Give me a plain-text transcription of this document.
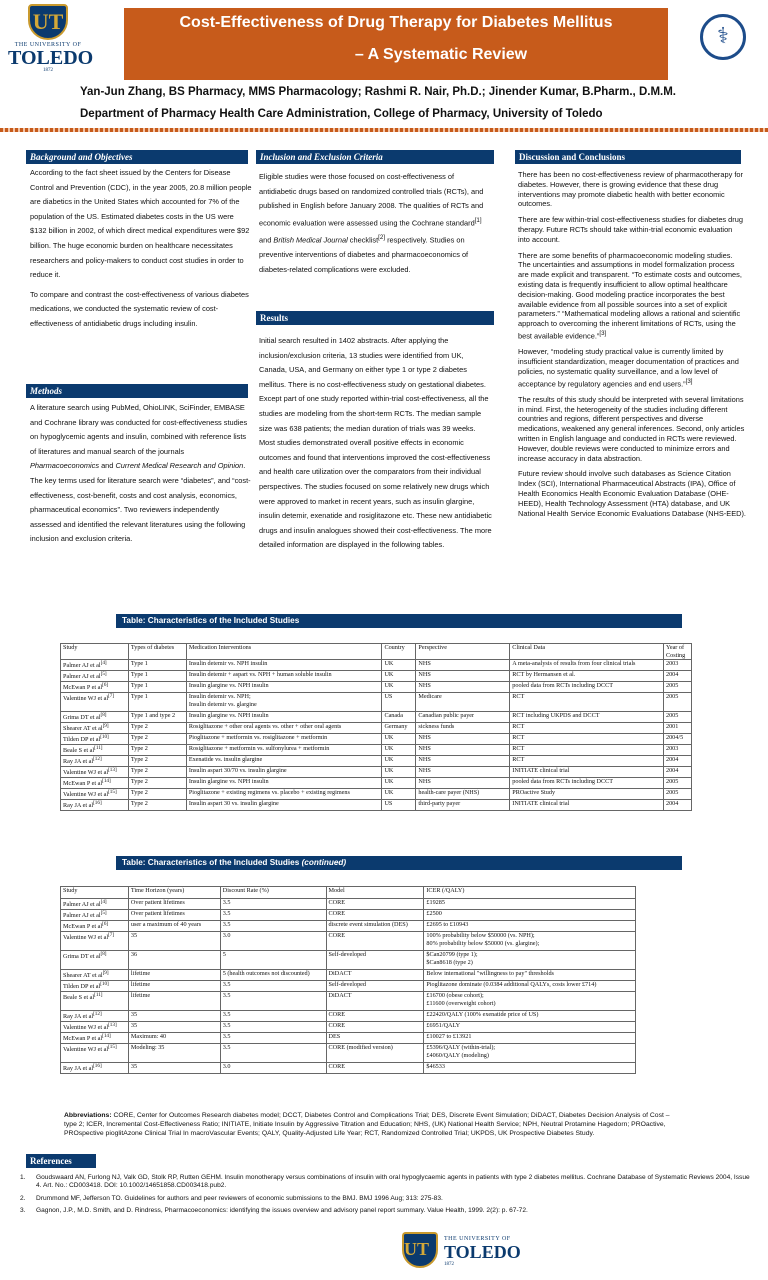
UT
THE UNIVERSITY OF
TOLEDO
1872
Cost-Effectiveness of Drug Therapy for Diabetes Mellitus
– A Systematic Review
⚕
Yan-Jun Zhang, BS Pharmacy, MMS Pharmacology; Rashmi R. Nair, Ph.D.; Jinender Kumar, B.Pharm., D.M.M.
Department of Pharmacy Health Care Administration, College of Pharmacy, University of Toledo
Background and Objectives

According to the fact sheet issued by the Centers for Disease Control and Prevention (CDC), in the year 2005, 20.8 million people are diabetics in the United States which accounted for 7% of the population of the US. Estimated diabetes costs in the US were $132 billion in 2002, of which direct medical expenditures were $92 billion. The huge economic burden on healthcare necessitates researchers and policy-makers to conduct cost studies in order to reduce it.

To compare and contrast the cost-effectiveness of various diabetes medications, we conducted the systematic review of cost-effectiveness of antidiabetic drugs including insulin.

Methods

A literature search using PubMed, OhioLINK, SciFinder, EMBASE and Cochrane library was conducted for cost-effectiveness studies on hypoglycemic agents and insulin, combined with reference lists of literatures and manual search of the journals Pharmacoeconomics and Current Medical Research and Opinion. The key terms used for literature search were “diabetes”, and “cost-effectiveness, cost-benefit, costs and cost analysis, economics, pharmaceutical economics”. Two reviewers independently assessed and identified the relevant literatures using the following inclusion and exclusion criteria.

Inclusion and Exclusion Criteria

Eligible studies were those focused on cost-effectiveness of antidiabetic drugs based on randomized controlled trials (RCTs), and published in English before January 2008. The qualities of RCTs and economic evaluation were assessed using the Cochrane standard[1] and British Medical Journal checklist[2] respectively. Studies on preventive interventions of diabetes and pharmacoeconomics of diabetes-related complications were excluded.

Results

Initial search resulted in 1402 abstracts. After applying the inclusion/exclusion criteria, 13 studies were identified from UK, Canada, USA, and Germany on either type 1 or type 2 diabetes mellitus. There is no cost-effectiveness study on gestational diabetes. Except part of one study reported within-trial cost-effectiveness, all the studies are modeling from the short-term RCTs. The median sample size was 638 patients; the median duration of trials was 39 weeks. Most studies demonstrated overall positive effects in economic outcomes and found that interventions improved the cost-effectiveness and health care utilization over the comparators from their individual perspectives. The studies focused on some relatively new drugs which were approved to market in recent years, such as insulin glargine, insulin detemir, exenatide and rosiglitazone etc. These new antidiabetic drugs and insulin analogues showed their cost-effectiveness. The more detailed information are displayed in the following tables.

Discussion and Conclusions

There has been no cost-effectiveness review of pharmacotherapy for diabetes. However, there is growing evidence that these drug interventions may promote diabetic health with better economic outcomes.

There are few within-trial cost-effectiveness studies for diabetes drug therapy. Future RCTs should take within-trial economic evaluation into account.

There are some benefits of pharmacoeconomic modeling studies. The uncertainties and assumptions in model formalization process are made explicit and transparent. “To estimate costs and outcomes, existing data is frequently insufficient to allow optimal healthcare decision-making. Good modeling practice incorporates the best available evidence from all possible sources into a set of explicit parameters.” “Mathematical modeling allows a rational and scientific approach to overcoming the inherent limitations of RCTs, using the best available evidence.”[3]

However, “modeling study practical value is currently limited by insufficient standardization, meager documentation of practices and policies, no systematic quality surveillance, and a low level of acceptance by regulatory agencies and end users.”[3]

The results of this study should be interpreted with several limitations in mind. First, the heterogeneity of the studies including different countries and regions, different perspectives and diverse medications, weakened any general inferences. Second, only articles written in English language and conducted in RCTs were reviewed. However, double reviews were conducted to minimize errors and increase accuracy in data abstraction.

Future review should involve such databases as Science Citation Index (SCI), International Pharmaceutical Abstracts (IPA), Office of Health Economics Health Economic Evaluation Database (OHE-HEED), Health Technology Assessment (HTA) database, and UK National Health Service Economic Evaluations Database (NHS-EED).

Table: Characteristics of the Included Studies
Study	Types of diabetes	Medication Interventions	Country	Perspective	Clinical Data	Year of Costing
Palmer AJ et al[4]	Type 1	Insulin detemir vs. NPH insulin	UK	NHS	A meta-analysis of results from four clinical trials	2003
Palmer AJ et al[5]	Type 1	Insulin detemir + aspart vs. NPH + human soluble insulin	UK	NHS	RCT by Hermansen et al.	2004
McEwan P et al[6]	Type 1	Insulin glargine vs. NPH insulin	UK	NHS	pooled data from RCTs including DCCT	2005
Valentine WJ et al[7]	Type 1	Insulin detemir vs. NPH;
Insulin detemir vs. glargine	US	Medicare	RCT	2005
Grima DT et al[8]	Type 1 and type 2	Insulin glargine vs. NPH insulin	Canada	Canadian public payer	RCT including UKPDS and DCCT	2005
Shearer AT et al[9]	Type 2	Rosiglitazone + other oral agents vs. other + other oral agents	Germany	sickness funds	RCT	2001
Tilden DP et al[10]	Type 2	Pioglitazone + metformin vs. rosiglitazone + metformin	UK	NHS	RCT	2004/5
Beale S et al[11]	Type 2	Rosiglitazone + metformin vs. sulfonylurea + metformin	UK	NHS	RCT	2003
Ray JA et al[12]	Type 2	Exenatide vs. insulin glargine	UK	NHS	RCT	2004
Valentine WJ et al[13]	Type 2	Insulin aspart 30/70 vs. insulin glargine	UK	NHS	INITIATE clinical trial	2004
McEwan P et al[14]	Type 2	Insulin glargine vs. NPH insulin	UK	NHS	pooled data from RCTs including DCCT	2005
Valentine WJ et al[15]	Type 2	Pioglitazone + existing regimens vs. placebo + existing regimens	UK	health-care payer (NHS)	PROactive Study	2005
Ray JA et al[16]	Type 2	Insulin aspart 30 vs. insulin glargine	US	third-party payer	INITIATE clinical trial	2004
Table: Characteristics of the Included Studies (continued)
Study	Time Horizon (years)	Discount Rate (%)	Model	ICER (/QALY)
Palmer AJ et al[4]	Over patient lifetimes	3.5	CORE	£19285
Palmer AJ et al[5]	Over patient lifetimes	3.5	CORE	£2500
McEwan P et al[6]	user a maximum of 40 years	3.5	discrete event simulation (DES)	£2695 to £10943
Valentine WJ et al[7]	35	3.0	CORE	100% probability below $50000 (vs. NPH);
80% probability below $50000 (vs. glargine);

Grima DT et al[8]	36	5	Self-developed	$Can20799 (type 1);
$Can8618 (type 2)

Shearer AT et al[9]	lifetime	5 (health outcomes not discounted)	DiDACT	Below international "willingness to pay" thresholds
Tilden DP et al[10]	lifetime	3.5	Self-developed	Pioglitazone dominate (0.0384 additional QALYs, costs lower £714)
Beale S et al[11]	lifetime	3.5	DiDACT	£16700 (obese cohort);
£11600 (overweight cohort)

Ray JA et al[12]	35	3.5	CORE	£22420/QALY (100% exenatide price of US)
Valentine WJ et al[13]	35	3.5	CORE	£6951/QALY
McEwan P et al[14]	Maximum: 40	3.5	DES	£10027 to £13921
Valentine WJ et al[15]	Modeling: 35	3.5	CORE (modified version)	£5396/QALY (within-trial);
£4060/QALY (modeling)

Ray JA et al[16]	35	3.0	CORE	$46533
Abbreviations: CORE, Center for Outcomes Research diabetes model; DCCT, Diabetes Control and Complications Trial; DES, Discrete Event Simulation; DiDACT, Diabetes Decision Analysis of Cost – type 2; ICER, Incremental Cost-Effectiveness Ratio; INITIATE, Initiate Insulin by Aggressive Titration and Education; NHS, (UK) National Health Service; NPH, Neutral Protamine Hagedorn; PROactive, PROspective pioglitAzone Clinical Trial In macroVascular Events; QALY, Quality-Adjusted Life Year; RCT, Randomized Controlled Trial; UKPDS, UK Prospective Diabetes Study.
References
1.	Goudswaard AN, Furlong NJ, Valk GD, Stolk RP, Rutten GEHM. Insulin monotherapy versus combinations of insulin with oral hypoglycaemic agents in patients with type 2 diabetes mellitus. Cochrane Database of Systematic Reviews 2004, Issue 4. Art. No.: CD003418. DOI: 10.1002/14651858.CD003418.pub2.
2.	Drummond MF, Jefferson TO. Guidelines for authors and peer reviewers of economic submissions to the BMJ. BMJ 1996 Aug; 313: 275-83.
3.	Gagnon, J.P., M.D. Smith, and D. Rindress, Pharmacoeconomics: identifying the issues overview and advisory panel report summary. Value Health, 1999. 2(2): p. 67-72.
UT
THE UNIVERSITY OF
TOLEDO
1872
